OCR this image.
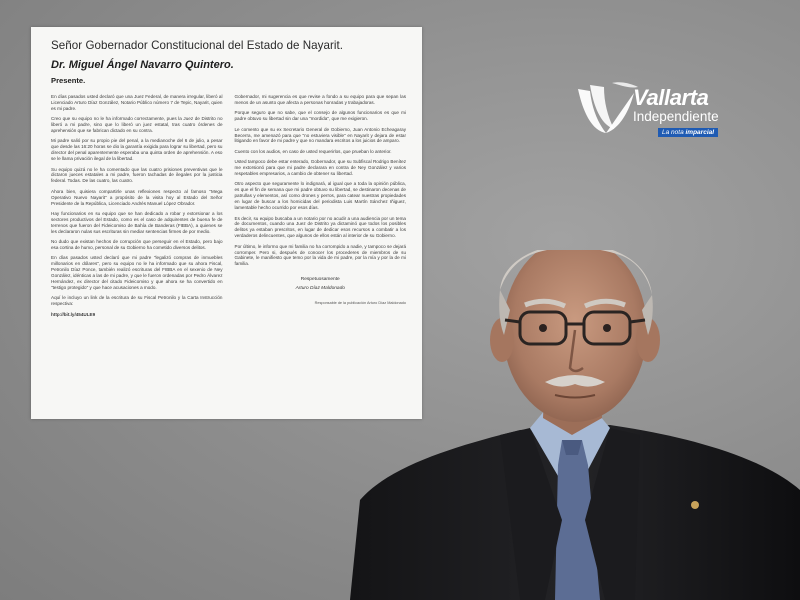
Señor Gobernador Constitucional del Estado de Nayarit.
Dr. Miguel Ángel Navarro Quintero.
Presente.

En días pasados usted declaró que una Juez Federal, de manera irregular, liberó al Licenciado Arturo Díaz González, Notario Público número 7 de Tepic, Nayarit, quien es mi padre.

Creo que su equipo no le ha informado correctamente, pues la Juez de Distrito no liberó a mi padre, sino que lo liberó un juez estatal, tras cuatro órdenes de aprehensión que se fabrican dictado en su contra.

Mi padre salió por su propio pie del penal, a la medianoche del 6 de julio, a pesar que desde las 16:20 horas se dio la garantía exigida para lograr su libertad, pero su director del penal aparentemente esperaba una quinta orden de aprehensión. A eso se le llama privación ilegal de la libertad.

Su equipo quizá no le ha comentado que las cuatro prisiones preventivas que le dictaron jueces estatales a mi padre, fueron tachadas de ilegales por la justicia federal. Todas. De las cuatro, las cuatro.

Ahora bien, quisiera compartirle unas reflexiones respecto al famoso "Mega Operativo Nuevo Nayarit" a propósito de la visita hoy al Estado del Señor Presidente de la República, Licenciado Andrés Manuel López Obrador.

Hay funcionarios en su equipo que se han dedicado a robar y extorsionar a los sectores productivos del Estado, como es el caso de adquirentes de buena fe de terrenos que fueron del Fideicomiso de Bahía de Banderas (FIBBA), a quienes se les declararon nulas sus escrituras sin mediar sentencias firmes de por medio.

No dudo que existan hechos de corrupción que perseguir en el Estado, pero bajo esa cortina de humo, personal de su Gobierno ha cometido diversos delitos.

En días pasados usted declaró que mi padre "legalizó compras de inmuebles millonarios en dólares", pero su equipo no le ha informado que su ahora Fiscal, Petronilo Díaz Ponce, también realizó escrituras del FIBBA en el sexenio de Ney González, idénticas a las de mi padre, y que le fueron ordenadas por Pedro Álvarez Hernández, ex director del citado Fideicomiso y que ahora se ha convertido en "testigo protegido" y que hace acusaciones a modo.

Aquí le incluyo un link de la escritura de su Fiscal Petronilo y la Carta Instrucción respectiva:

http://bit.ly/454ULE9

Gobernador, mi sugerencia es que revise a fondo a su equipo para que sepan las menos de un asunto que afecta a personas honradas y trabajadoras.

Porque seguro que no sabe, que el consejo de algunos funcionarios es que mi padre obtuvo su libertad sin dar una "mordida", que me exigieron.

Le comento que su ex Secretario General de Gobierno, Juan Antonio Echeagaray Becerra, me amenazó para que "no estuviera visible" en Nayarit y dejara de estar litigando en favor de mi padre y que no mandara escritos a los juicios de amparo.

Cuento con los audios, en caso de usted requerirlos, que prueban lo anterior.

Usted tampoco debe estar enterado, Gobernador, que su Subfiscal Rodrigo Benítez me extorsionó para que mi padre declarara en contra de Ney González y varios respetables empresarios, a cambio de obtener su libertad.

Otro aspecto que seguramente lo indignará, al igual que a toda la opinión pública, es que el fin de semana que mi padre obtuvo su libertad, se destinaron decenas de patrullas y elementos, así como drones y perros, para catear nuestras propiedades en lugar de buscar a los homicidas del periodista Luis Martín Sánchez Iñiguez, lamentable hecho ocurrido por esos días.

Es decir, su equipo buscaba a un notario por no acudir a una audiencia por un tema de documentos, cuando una Juez de Distrito ya dictaminó que todos los posibles delitos ya estaban prescritos, en lugar de dedicar esos recursos a combatir a los verdaderos delincuentes, que algunos de ellos están al interior de su Gobierno.

Por último, le informo que mi familia no ha corrompido a nadie, y tampoco se dejará corromper. Pero si, después de conocer los procederes de miembros de su Gabinete, le manifiesto que temo por la vida de mi padre, por la mía y por la de mi familia.

Respetuosamente
Arturo Díaz Maldonado
Responsable de la publicación Arturo Díaz Maldonado
Vallarta
Independiente
La nota imparcial
